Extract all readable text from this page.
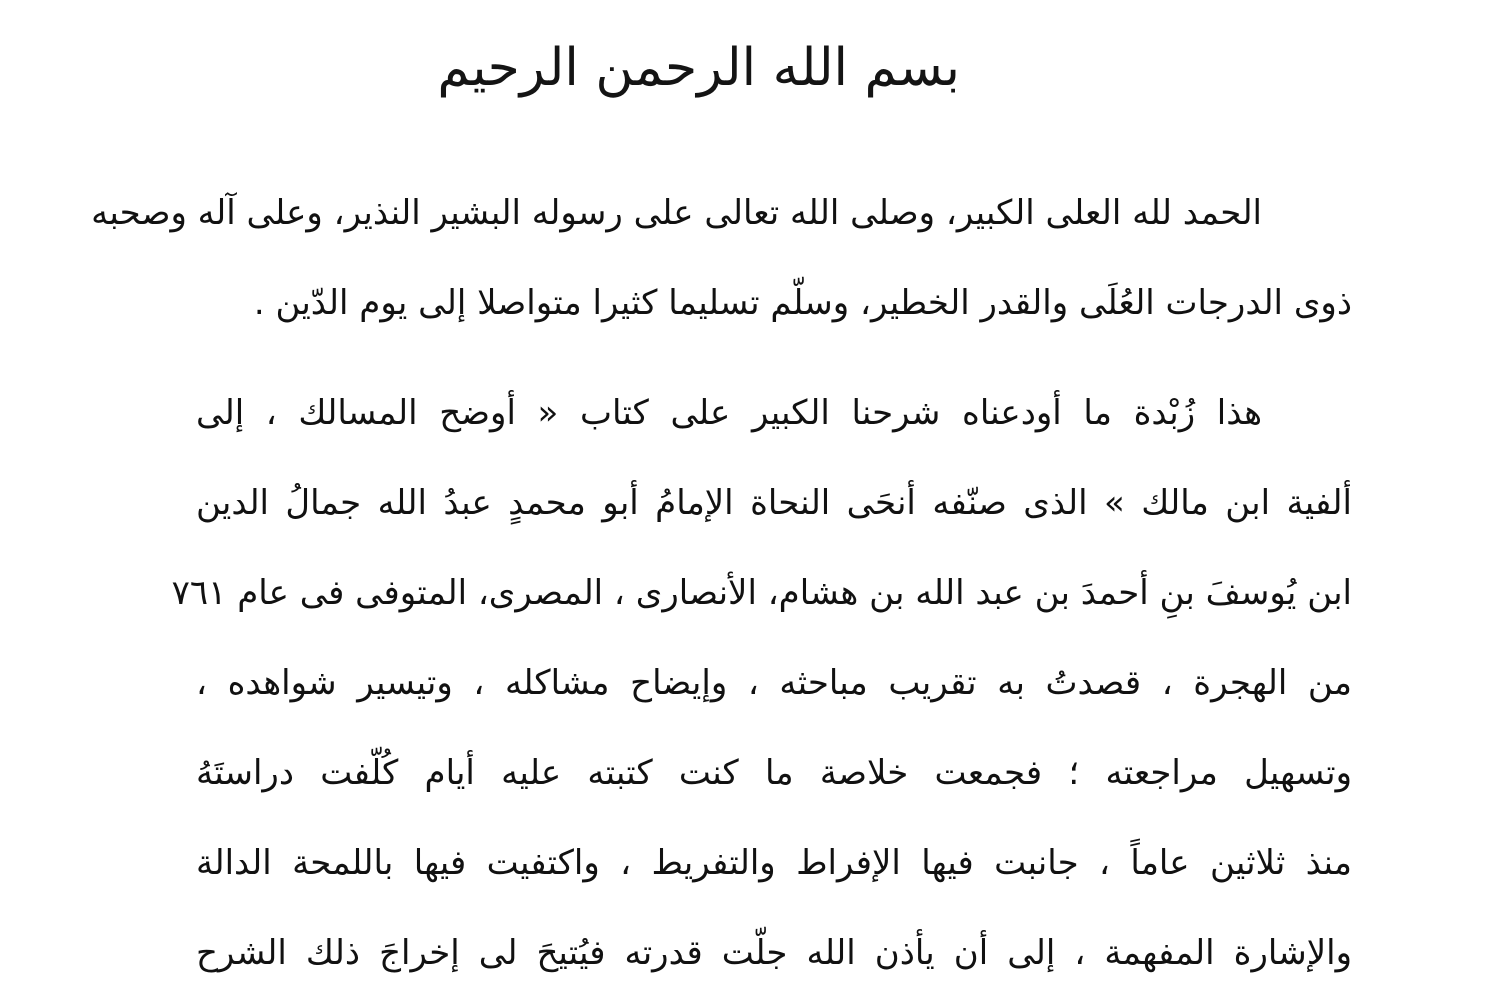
بسم الله الرحمن الرحيم

الحمد لله العلى الكبير، وصلى الله تعالى على رسوله البشير النذير، وعلى آله وصحبه
ذوى الدرجات العُلَى والقدر الخطير، وسلّم تسليما كثيرا متواصلا إلى يوم الدّين .

هذا زُبْدة ما أودعناه شرحنا الكبير على كتاب « أوضح المسالك ، إلى
ألفية ابن مالك » الذى صنّفه أنحَى النحاة الإمامُ أبو محمدٍ عبدُ الله جمالُ الدين
ابن يُوسفَ بنِ أحمدَ بن عبد الله بن هشام، الأنصارى ، المصرى، المتوفى فى عام ٧٦١
من الهجرة ، قصدتُ به تقريب مباحثه ، وإيضاح مشاكله ، وتيسير شواهده ،
وتسهيل مراجعته ؛ فجمعت خلاصة ما كنت كتبته عليه أيام كُلّفت دراستَهُ
منذ ثلاثين عاماً ، جانبت فيها الإفراط والتفريط ، واكتفيت فيها باللمحة الدالة
والإشارة المفهمة ، إلى أن يأذن الله جلّت قدرته فيُتيحَ لى إخراجَ ذلك الشرح
